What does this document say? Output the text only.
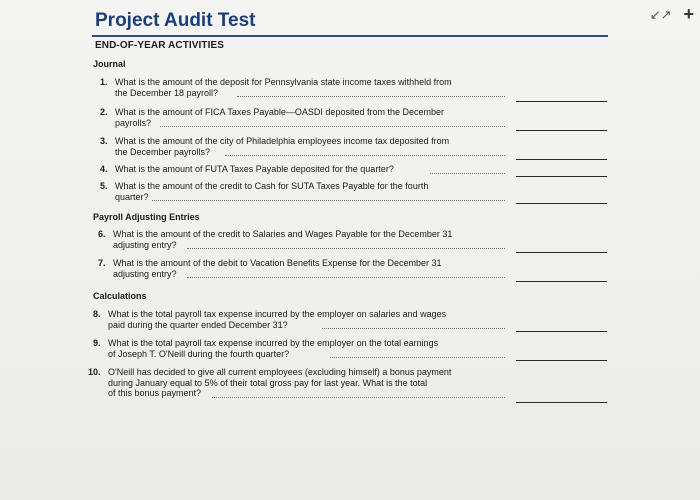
↙↗ +
Project Audit Test
END-OF-YEAR ACTIVITIES
Journal
1. What is the amount of the deposit for Pennsylvania state income taxes withheld from
the December 18 payroll?
2. What is the amount of FICA Taxes Payable—OASDI deposited from the December
payrolls?
3. What is the amount of the city of Philadelphia employees income tax deposited from
the December payrolls?
4. What is the amount of FUTA Taxes Payable deposited for the quarter?
5. What is the amount of the credit to Cash for SUTA Taxes Payable for the fourth
quarter?
Payroll Adjusting Entries
6. What is the amount of the credit to Salaries and Wages Payable for the December 31
adjusting entry?
7. What is the amount of the debit to Vacation Benefits Expense for the December 31
adjusting entry?
Calculations
8. What is the total payroll tax expense incurred by the employer on salaries and wages
paid during the quarter ended December 31?
9. What is the total payroll tax expense incurred by the employer on the total earnings
of Joseph T. O'Neill during the fourth quarter?
10. O'Neill has decided to give all current employees (excluding himself) a bonus payment
during January equal to 5% of their total gross pay for last year. What is the total
of this bonus payment?
